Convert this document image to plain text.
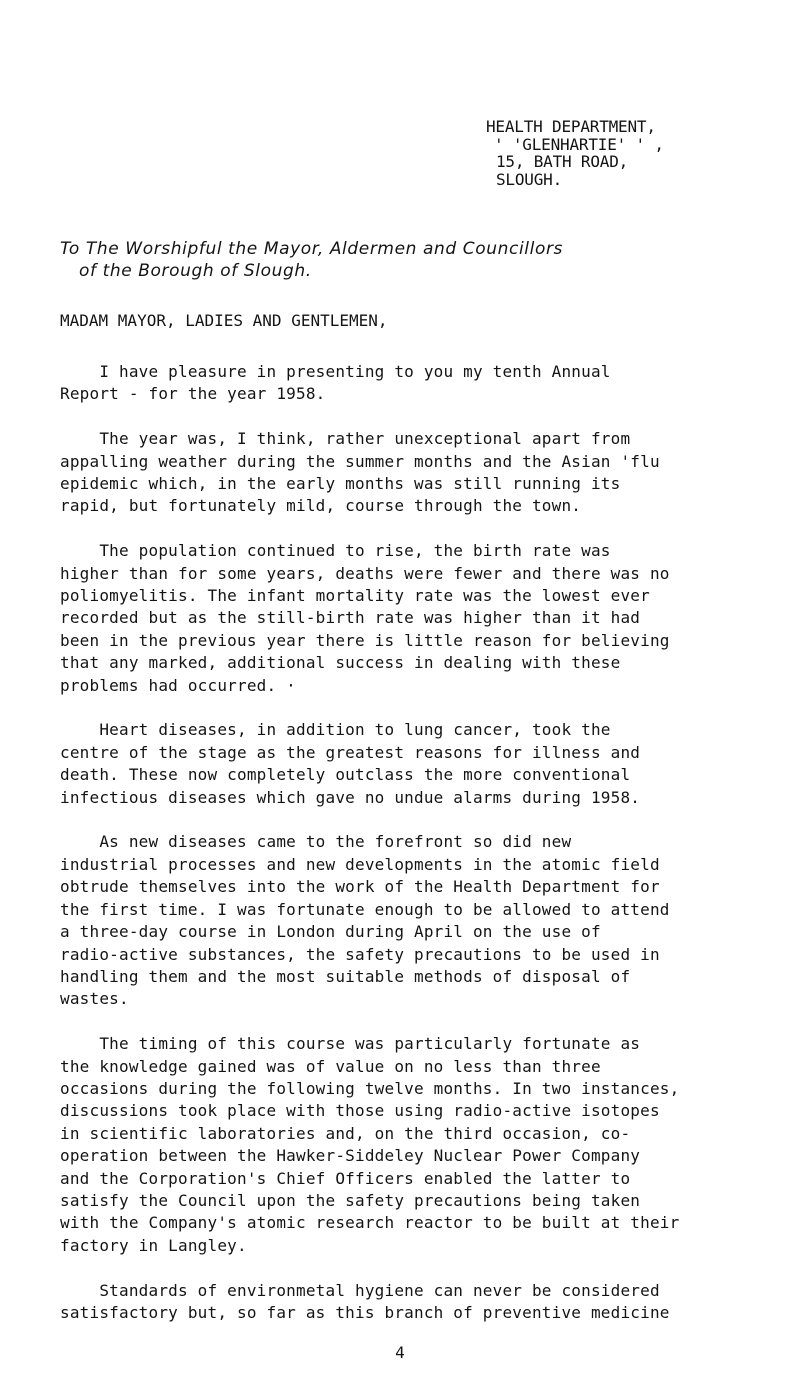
HEALTH DEPARTMENT,
' 'GLENHARTIE' ' ,
15, BATH ROAD,
SLOUGH.
To The Worshipful the Mayor, Aldermen and Councillors
of the Borough of Slough.
MADAM MAYOR, LADIES AND GENTLEMEN,
I have pleasure in presenting to you my tenth Annual
Report - for the year 1958.
The year was, I think, rather unexceptional apart from
appalling weather during the summer months and the Asian 'flu
epidemic which, in the early months was still running its
rapid, but fortunately mild, course through the town.
The population continued to rise, the birth rate was
higher than for some years, deaths were fewer and there was no
poliomyelitis. The infant mortality rate was the lowest ever
recorded but as the still-birth rate was higher than it had
been in the previous year there is little reason for believing
that any marked, additional success in dealing with these
problems had occurred. ·
Heart diseases, in addition to lung cancer, took the
centre of the stage as the greatest reasons for illness and
death. These now completely outclass the more conventional
infectious diseases which gave no undue alarms during 1958.
As new diseases came to the forefront so did new
industrial processes and new developments in the atomic field
obtrude themselves into the work of the Health Department for
the first time. I was fortunate enough to be allowed to attend
a three-day course in London during April on the use of
radio-active substances, the safety precautions to be used in
handling them and the most suitable methods of disposal of
wastes.
The timing of this course was particularly fortunate as
the knowledge gained was of value on no less than three
occasions during the following twelve months. In two instances,
discussions took place with those using radio-active isotopes
in scientific laboratories and, on the third occasion, co-
operation between the Hawker-Siddeley Nuclear Power Company
and the Corporation's Chief Officers enabled the latter to
satisfy the Council upon the safety precautions being taken
with the Company's atomic research reactor to be built at their
factory in Langley.
Standards of environmetal hygiene can never be considered
satisfactory but, so far as this branch of preventive medicine
4
